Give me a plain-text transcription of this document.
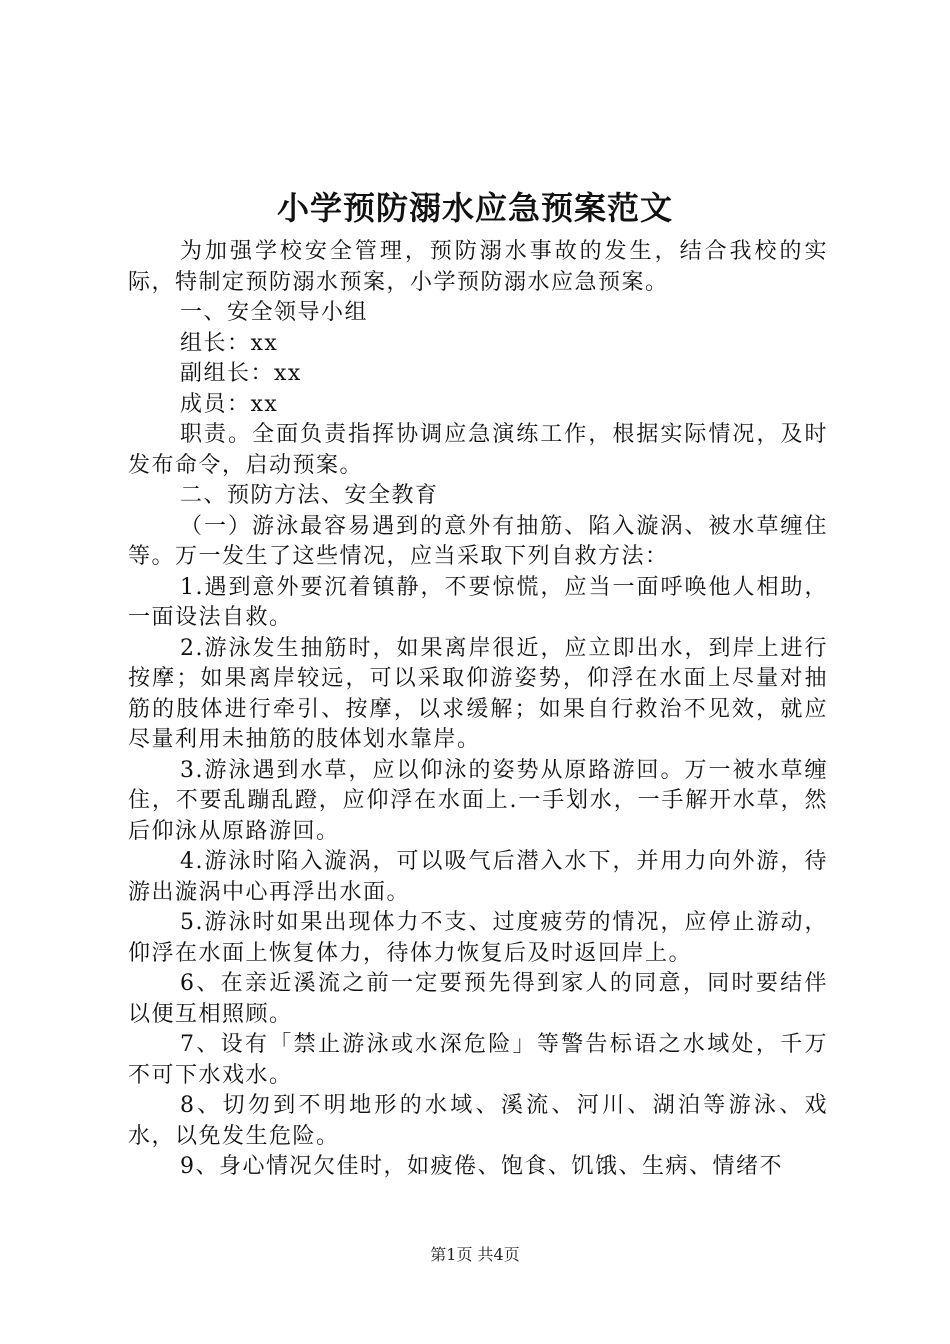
小学预防溺水应急预案范文

为加强学校安全管理，预防溺水事故的发生，结合我校的实际，特制定预防溺水预案，小学预防溺水应急预案。

一、安全领导小组

组长：xx

副组长：xx

成员：xx

职责。全面负责指挥协调应急演练工作，根据实际情况，及时发布命令，启动预案。

二、预防方法、安全教育

（一）游泳最容易遇到的意外有抽筋、陷入漩涡、被水草缠住等。万一发生了这些情况，应当采取下列自救方法：

1.遇到意外要沉着镇静，不要惊慌，应当一面呼唤他人相助，一面设法自救。

2.游泳发生抽筋时，如果离岸很近，应立即出水，到岸上进行按摩；如果离岸较远，可以采取仰游姿势，仰浮在水面上尽量对抽筋的肢体进行牵引、按摩，以求缓解；如果自行救治不见效，就应尽量利用未抽筋的肢体划水靠岸。

3.游泳遇到水草，应以仰泳的姿势从原路游回。万一被水草缠住，不要乱蹦乱蹬，应仰浮在水面上.一手划水，一手解开水草，然后仰泳从原路游回。

4.游泳时陷入漩涡，可以吸气后潜入水下，并用力向外游，待游出漩涡中心再浮出水面。

5.游泳时如果出现体力不支、过度疲劳的情况，应停止游动，仰浮在水面上恢复体力，待体力恢复后及时返回岸上。

6、在亲近溪流之前一定要预先得到家人的同意，同时要结伴以便互相照顾。

7、设有「禁止游泳或水深危险」等警告标语之水域处，千万不可下水戏水。

8、切勿到不明地形的水域、溪流、河川、湖泊等游泳、戏水，以免发生危险。

9、身心情况欠佳时，如疲倦、饱食、饥饿、生病、情绪不

第1页 共4页
